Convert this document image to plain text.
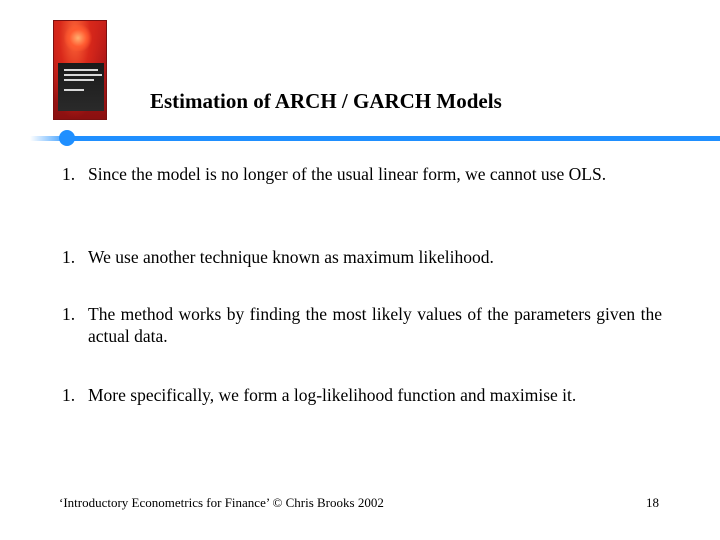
Estimation of ARCH / GARCH Models
1. Since the model is no longer of the usual linear form, we cannot use OLS.
1. We use another technique known as maximum likelihood.
1. The method works by finding the most likely values of the parameters given the actual data.
1. More specifically, we form a log-likelihood function and maximise it.
‘Introductory Econometrics for Finance’ © Chris Brooks 2002	18
